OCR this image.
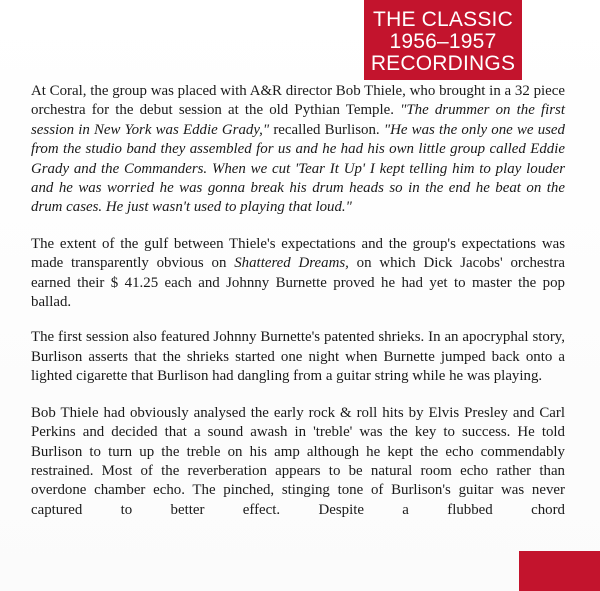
THE CLASSIC
1956–1957
RECORDINGS

At Coral, the group was placed with A&R director Bob Thiele, who brought in a 32 piece orchestra for the debut session at the old Pythian Temple. "The drummer on the first session in New York was Eddie Grady," recalled Burlison. "He was the only one we used from the studio band they assembled for us and he had his own little group called Eddie Grady and the Commanders. When we cut 'Tear It Up' I kept telling him to play louder and he was worried he was gonna break his drum heads so in the end he beat on the drum cases. He just wasn't used to playing that loud."

The extent of the gulf between Thiele's expectations and the group's expectations was made transparently obvious on Shattered Dreams, on which Dick Jacobs' orchestra earned their $ 41.25 each and Johnny Burnette proved he had yet to master the pop ballad.

The first session also featured Johnny Burnette's patented shrieks. In an apocryphal story, Burlison asserts that the shrieks started one night when Burnette jumped back onto a lighted cigarette that Burlison had dangling from a guitar string while he was playing.

Bob Thiele had obviously analysed the early rock & roll hits by Elvis Presley and Carl Perkins and decided that a sound awash in 'treble' was the key to success. He told Burlison to turn up the treble on his amp although he kept the echo commendably restrained. Most of the reverberation appears to be natural room echo rather than overdone chamber echo. The pinched, stinging tone of Burlison's guitar was never captured to better effect. Despite a flubbed chord
